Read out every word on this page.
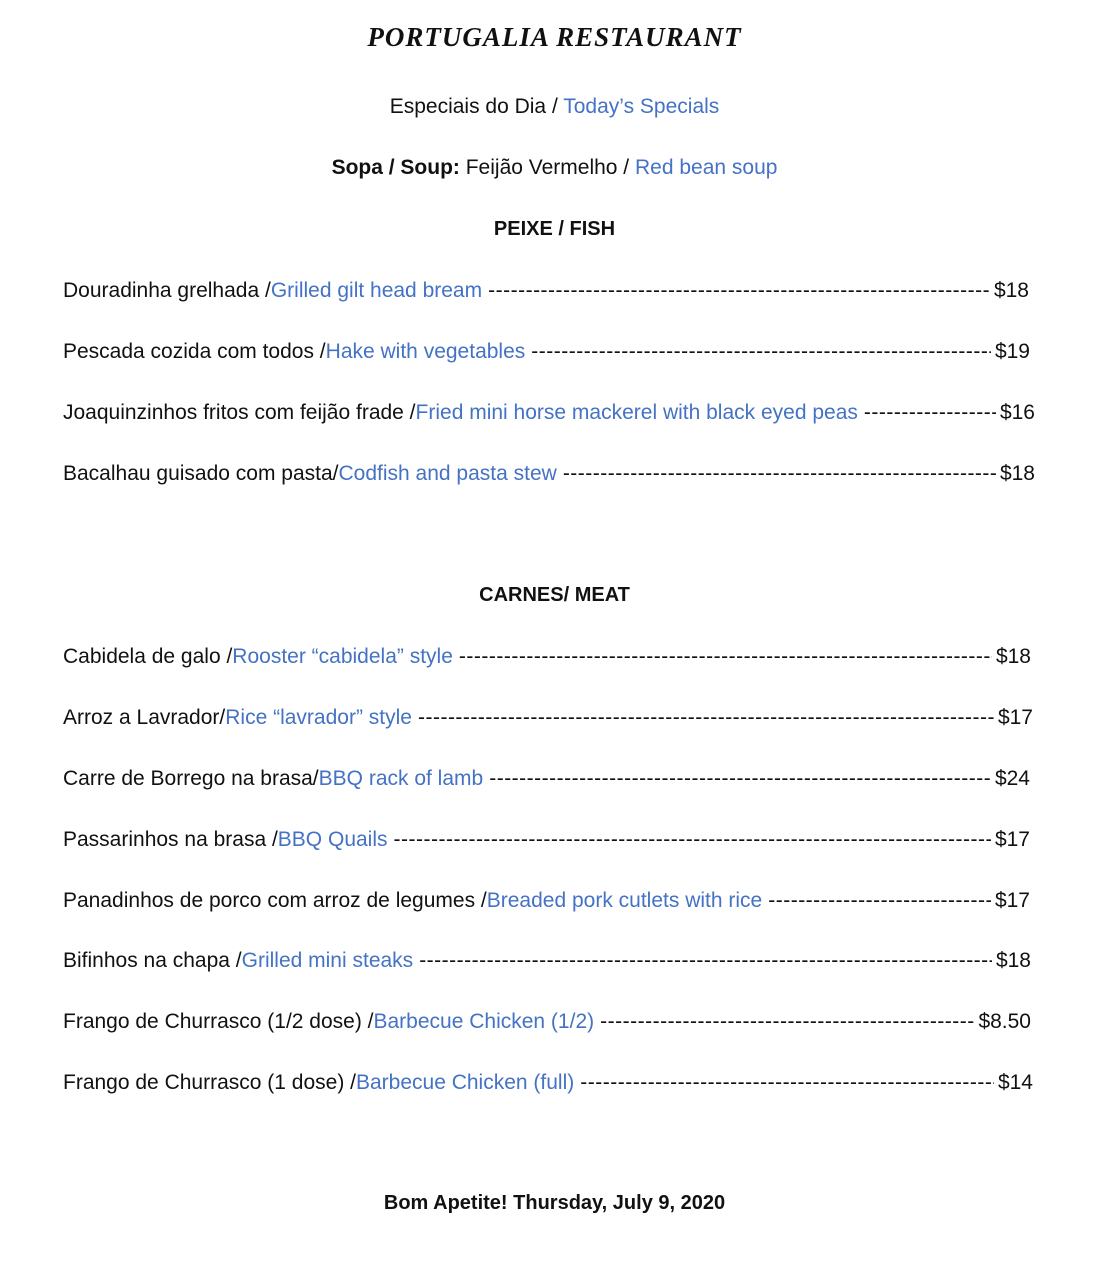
PORTUGALIA RESTAURANT
Especiais do Dia / Today’s Specials
Sopa / Soup: Feijão Vermelho / Red bean soup
PEIXE / FISH
Douradinha grelhada / Grilled gilt head bream -----	$18
Pescada cozida com todos / Hake with vegetables -----	$19
Joaquinzinhos fritos com feijão frade / Fried mini horse mackerel with black eyed peas -----	$16
Bacalhau guisado com pasta/ Codfish and pasta stew -----	$18
CARNES/ MEAT
Cabidela de galo / Rooster “cabidela” style -----	$18
Arroz a Lavrador/ Rice “lavrador” style -----	$17
Carre de Borrego na brasa/ BBQ rack of lamb -----	$24
Passarinhos na brasa / BBQ Quails -----	$17
Panadinhos de porco com arroz de legumes / Breaded pork cutlets with rice -----	$17
Bifinhos na chapa / Grilled mini steaks -----	$18
Frango de Churrasco (1/2 dose) / Barbecue Chicken (1/2) -----	$8.50
Frango de Churrasco (1 dose) / Barbecue Chicken (full) -----	$14
Bom Apetite! Thursday, July 9, 2020
